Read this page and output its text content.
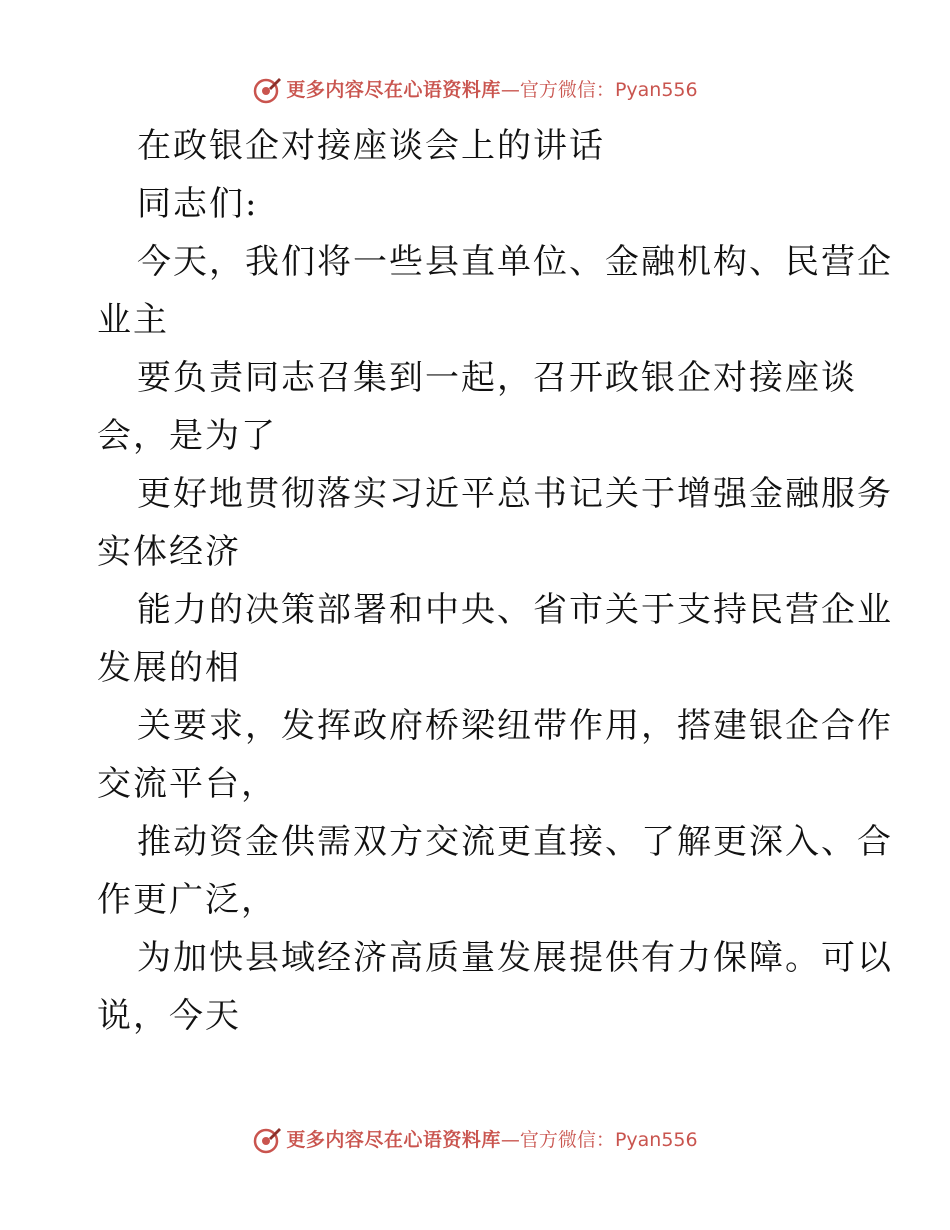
更多内容尽在心语资料库 —官方微信： Pyan556
在政银企对接座谈会上的讲话
同志们:
今天，我们将一些县直单位、金融机构、民营企
业主
要负责同志召集到一起，召开政银企对接座谈
会，是为了
更好地贯彻落实习近平总书记关于增强金融服务
实体经济
能力的决策部署和中央、省市关于支持民营企业
发展的相
关要求，发挥政府桥梁纽带作用，搭建银企合作
交流平台，
推动资金供需双方交流更直接、了解更深入、合
作更广泛，
为加快县域经济高质量发展提供有力保障。可以
说，今天
更多内容尽在心语资料库 —官方微信： Pyan556
